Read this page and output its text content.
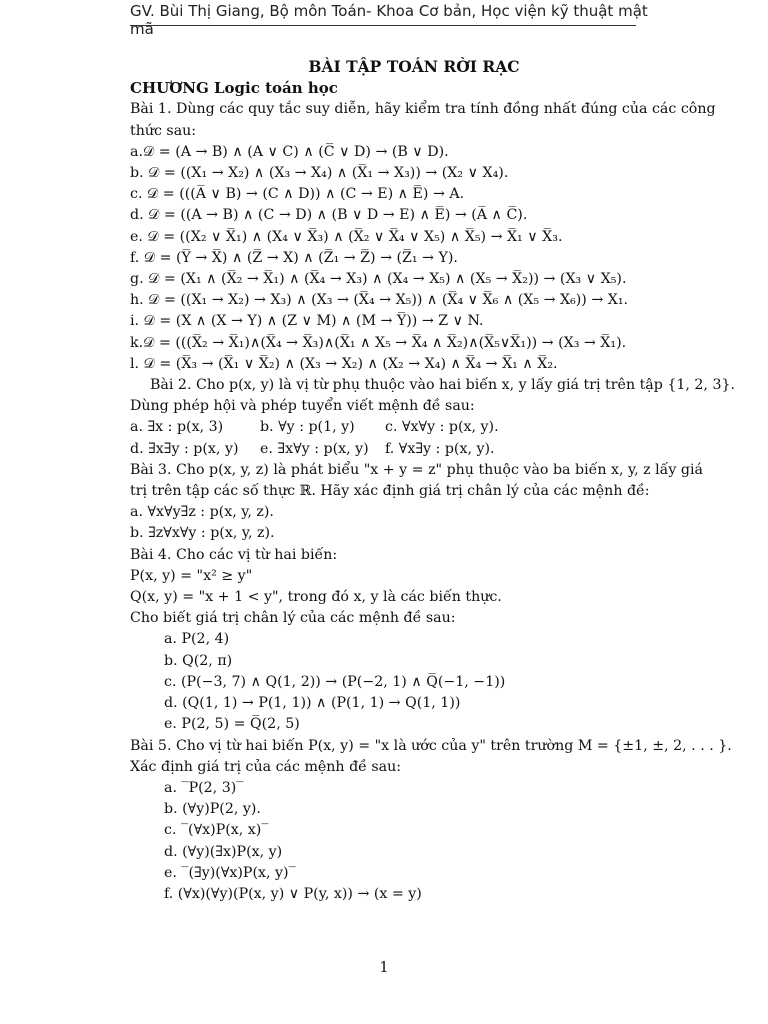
GV. Bùi Thị Giang, Bộ môn Toán- Khoa Cơ bản, Học viện kỹ thuật mật mã
BÀI TẬP TOÁN RỜI RẠC
CHƯƠNG Logic toán học
Bài 1. Dùng các quy tắc suy diễn, hãy kiểm tra tính đồng nhất đúng của các công
thức sau:
a.𝒟 = (A → B) ∧ (A ∨ C) ∧ (C̅ ∨ D) → (B ∨ D).
b. 𝒟 = ((X₁ → X₂) ∧ (X₃ → X₄) ∧ (X̅₁ → X₃)) → (X₂ ∨ X₄).
c. 𝒟 = (((A̅ ∨ B) → (C ∧ D)) ∧ (C → E) ∧ E̅) → A.
d. 𝒟 = ((A → B) ∧ (C → D) ∧ (B ∨ D → E) ∧ E̅) → (A̅ ∧ C̅).
e. 𝒟 = ((X₂ ∨ X̅₁) ∧ (X₄ ∨ X̅₃) ∧ (X̅₂ ∨ X̅₄ ∨ X₅) ∧ X̅₅) → X̅₁ ∨ X̅₃.
f. 𝒟 = (Y̅ → X̅) ∧ (Z̅ → X) ∧ (Z̅₁ → Z̅) → (Z̅₁ → Y).
g. 𝒟 = (X₁ ∧ (X̅₂ → X̅₁) ∧ (X̅₄ → X₃) ∧ (X₄ → X₅) ∧ (X₅ → X̅₂)) → (X₃ ∨ X₅).
h. 𝒟 = ((X₁ → X₂) → X₃) ∧ (X₃ → (X̅₄ → X₅)) ∧ (X̅₄ ∨ X̅₆ ∧ (X₅ → X₆)) → X₁.
i. 𝒟 = (X ∧ (X → Y) ∧ (Z ∨ M) ∧ (M → Y̅)) → Z ∨ N.
k.𝒟 = (((X̅₂ → X̅₁)∧(X̅₄ → X̅₃)∧(X̅₁ ∧ X₅ → X̅₄ ∧ X̅₂)∧(X̅₅∨X̅₁)) → (X₃ → X̅₁).
l. 𝒟 = (X̅₃ → (X̅₁ ∨ X̅₂) ∧ (X₃ → X₂) ∧ (X₂ → X₄) ∧ X̅₄ → X̅₁ ∧ X̅₂.
Bài 2. Cho p(x, y) là vị từ phụ thuộc vào hai biến x, y lấy giá trị trên tập {1, 2, 3}.
Dùng phép hội và phép tuyển viết mệnh đề sau:
a. ∃x : p(x, 3)	b. ∀y : p(1, y)	c. ∀x∀y : p(x, y).
d. ∃x∃y : p(x, y)	e. ∃x∀y : p(x, y)	f. ∀x∃y : p(x, y).
Bài 3. Cho p(x, y, z) là phát biểu "x + y = z" phụ thuộc vào ba biến x, y, z lấy giá
trị trên tập các số thực ℝ. Hãy xác định giá trị chân lý của các mệnh đề:
a. ∀x∀y∃z : p(x, y, z).
b. ∃z∀x∀y : p(x, y, z).
Bài 4. Cho các vị từ hai biến:
P(x, y) = "x² ≥ y"
Q(x, y) = "x + 1 < y", trong đó x, y là các biến thực.
Cho biết giá trị chân lý của các mệnh đề sau:
a. P(2, 4)
b. Q(2, π)
c. (P(−3, 7) ∧ Q(1, 2)) → (P(−2, 1) ∧ Q̅(−1, −1))
d. (Q(1, 1) → P(1, 1)) ∧ (P(1, 1) → Q(1, 1))
e. P(2, 5) = Q̅(2, 5)
Bài 5. Cho vị từ hai biến P(x, y) = "x là ước của y" trên trường M = {±1, ±, 2, . . . }.
Xác định giá trị của các mệnh đề sau:
a. ‾P(2, 3)‾
b. (∀y)P(2, y).
c. ‾(∀x)P(x, x)‾
d. (∀y)(∃x)P(x, y)
e. ‾(∃y)(∀x)P(x, y)‾
f. (∀x)(∀y)(P(x, y) ∨ P(y, x)) → (x = y)
1
